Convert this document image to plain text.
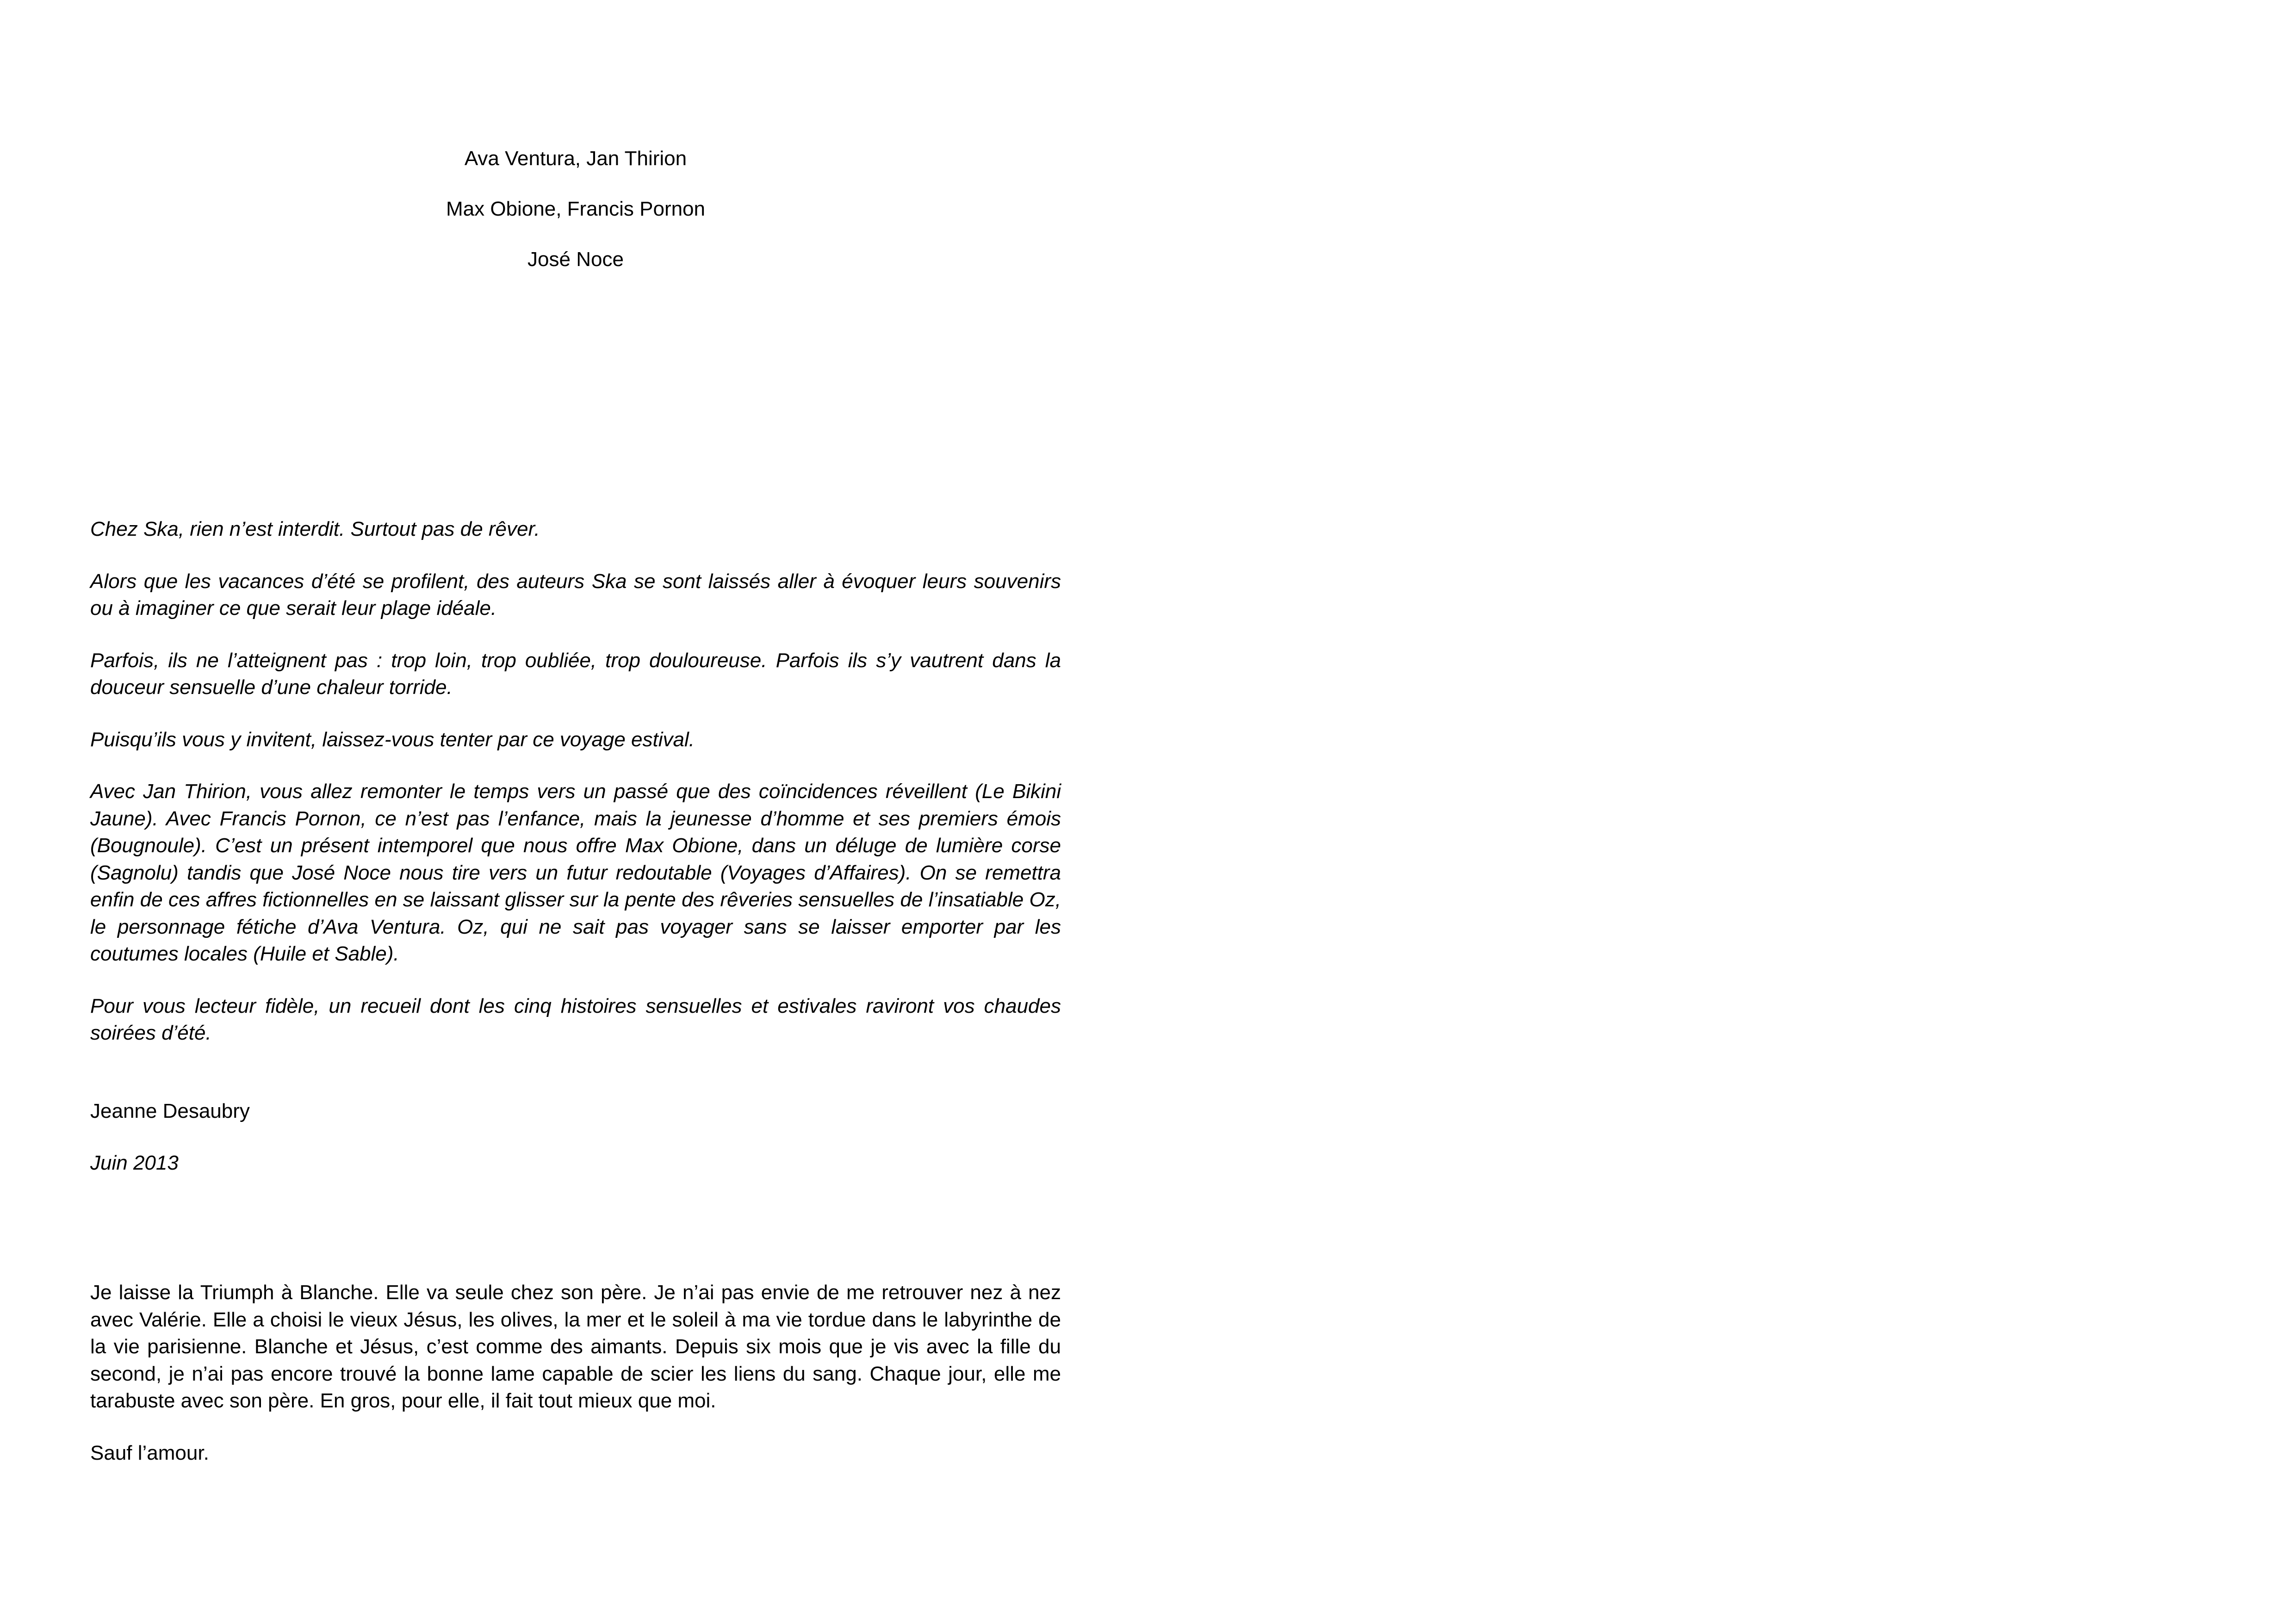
Ava Ventura, Jan Thirion

Max Obione, Francis Pornon

José Noce

Chez Ska, rien n’est interdit. Surtout pas de rêver.

Alors que les vacances d’été se profilent, des auteurs Ska se sont laissés aller à évoquer leurs souvenirs ou à imaginer ce que serait leur plage idéale.

Parfois, ils ne l’atteignent pas : trop loin, trop oubliée, trop douloureuse. Parfois ils s’y vautrent dans la douceur sensuelle d’une chaleur torride.

Puisqu’ils vous y invitent, laissez-vous tenter par ce voyage estival.

Avec Jan Thirion, vous allez remonter le temps vers un passé que des coïncidences réveillent (Le Bikini Jaune). Avec Francis Pornon, ce n’est pas l’enfance, mais la jeunesse d’homme et ses premiers émois (Bougnoule). C’est un présent intemporel que nous offre Max Obione, dans un déluge de lumière corse (Sagnolu) tandis que José Noce nous tire vers un futur redoutable (Voyages d’Affaires). On se remettra enfin de ces affres fictionnelles en se laissant glisser sur la pente des rêveries sensuelles de l’insatiable Oz, le personnage fétiche d’Ava Ventura. Oz, qui ne sait pas voyager sans se laisser emporter par les coutumes locales (Huile et Sable).

Pour vous lecteur fidèle, un recueil dont les cinq histoires sensuelles et estivales raviront vos chaudes soirées d’été.

Jeanne Desaubry

Juin 2013

Je laisse la Triumph à Blanche. Elle va seule chez son père. Je n’ai pas envie de me retrouver nez à nez avec Valérie. Elle a choisi le vieux Jésus, les olives, la mer et le soleil à ma vie tordue dans le labyrinthe de la vie parisienne. Blanche et Jésus, c’est comme des aimants. Depuis six mois que je vis avec la fille du second, je n’ai pas encore trouvé la bonne lame capable de scier les liens du sang. Chaque jour, elle me tarabuste avec son père. En gros, pour elle, il fait tout mieux que moi.

Sauf l’amour.
